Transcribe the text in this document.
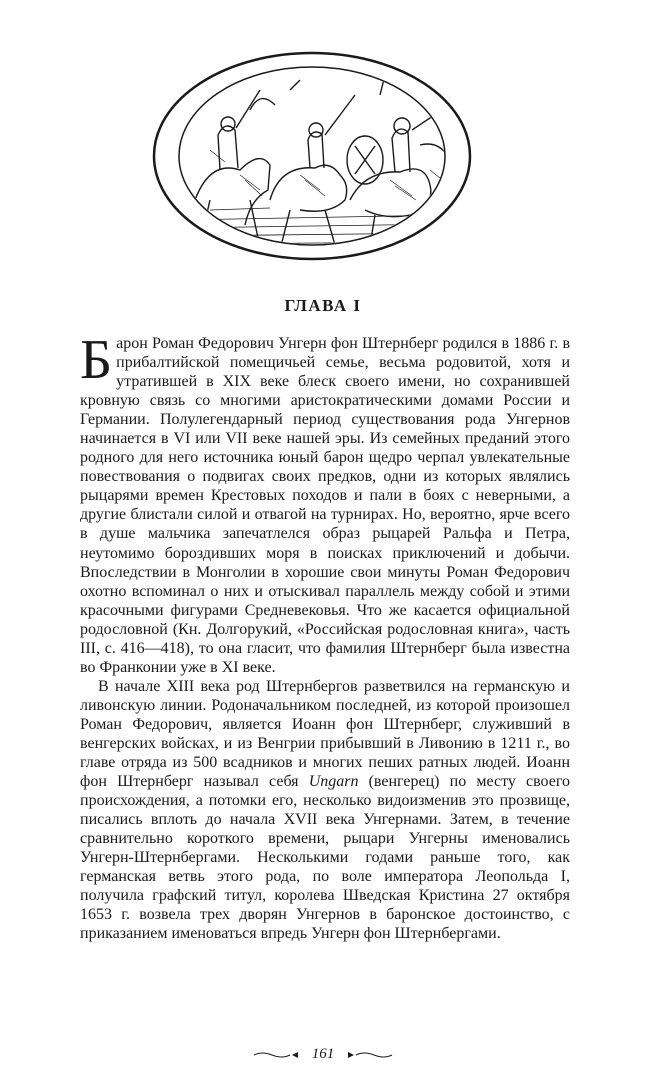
ГЛАВА I

Барон Роман Федорович Унгерн фон Штернберг родился в 1886 г. в прибалтийской помещичьей семье, весьма родовитой, хотя и утратившей в XIX веке блеск своего имени, но сохранившей кровную связь со многими аристократическими домами России и Германии. Полулегендарный период существования рода Унгернов начинается в VI или VII веке нашей эры. Из семейных преданий этого родного для него источника юный барон щедро черпал увлекательные повествования о подвигах своих предков, одни из которых являлись рыцарями времен Крестовых походов и пали в боях с неверными, а другие блистали силой и отвагой на турнирах. Но, вероятно, ярче всего в душе мальчика запечатлелся образ рыцарей Ральфа и Петра, неутомимо бороздивших моря в поисках приключений и добычи. Впоследствии в Монголии в хорошие свои минуты Роман Федорович охотно вспоминал о них и отыскивал параллель между собой и этими красочными фигурами Средневековья. Что же касается официальной родословной (Кн. Долгорукий, «Российская родословная книга», часть III, с. 416—418), то она гласит, что фамилия Штернберг была известна во Франконии уже в XI веке.

В начале XIII века род Штернбергов разветвился на германскую и ливонскую линии. Родоначальником последней, из которой произошел Роман Федорович, является Иоанн фон Штернберг, служивший в венгерских войсках, и из Венгрии прибывший в Ливонию в 1211 г., во главе отряда из 500 всадников и многих пеших ратных людей. Иоанн фон Штернберг называл себя Ungarn (венгерец) по месту своего происхождения, а потомки его, несколько видоизменив это прозвище, писались вплоть до начала XVII века Унгернами. Затем, в течение сравнительно короткого времени, рыцари Унгерны именовались Унгерн-Штернбергами. Несколькими годами раньше того, как германская ветвь этого рода, по воле императора Леопольда I, получила графский титул, королева Шведская Кристина 27 октября 1653 г. возвела трех дворян Унгернов в баронское достоинство, с приказанием именоваться впредь Унгерн фон Штернбергами.

161
